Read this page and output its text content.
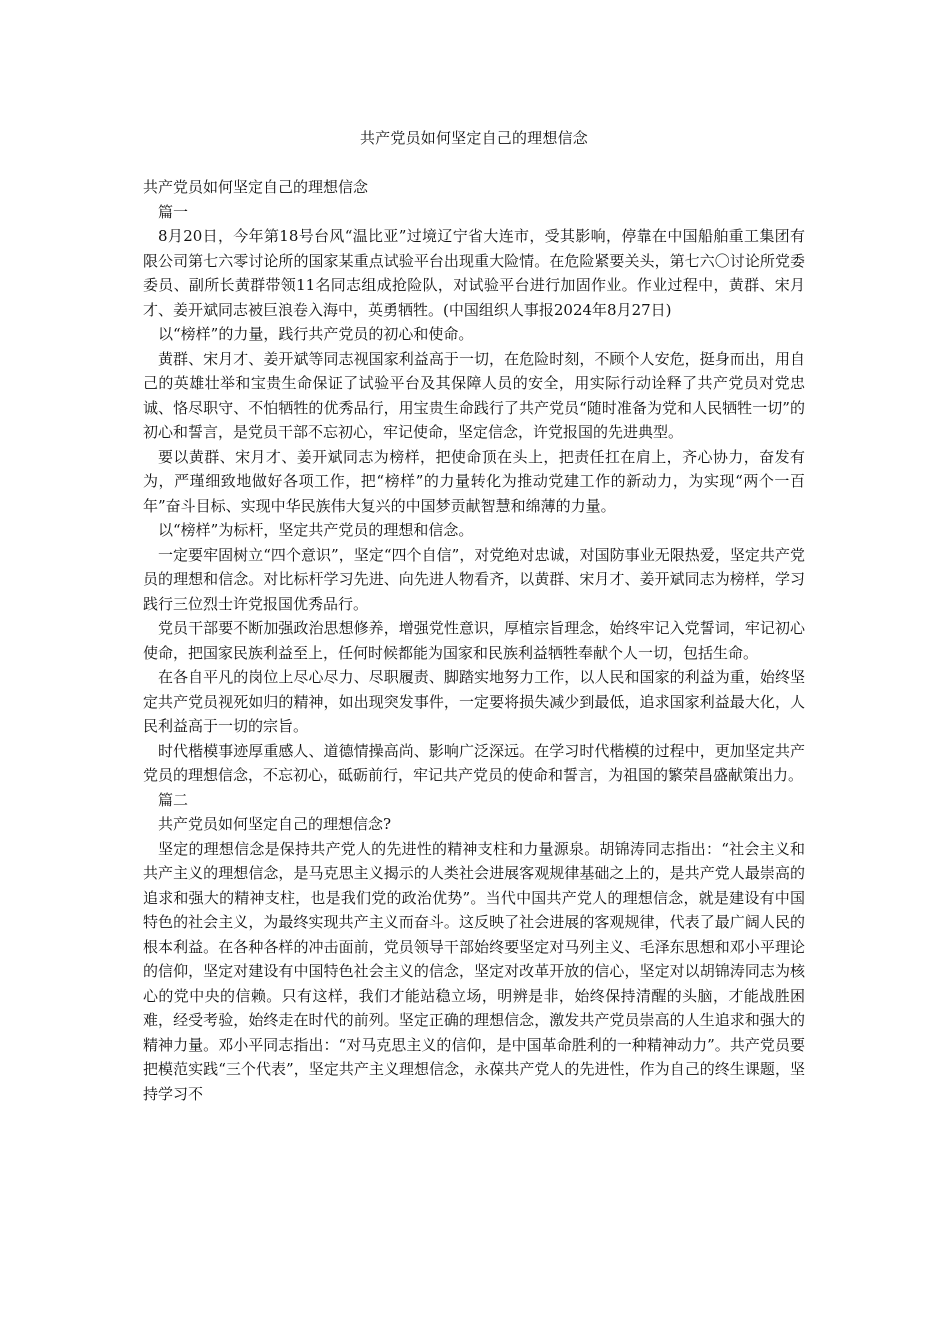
共产党员如何坚定自己的理想信念

共产党员如何坚定自己的理想信念

篇一

8月20日，今年第18号台风“温比亚”过境辽宁省大连市，受其影响，停靠在中国船舶重工集团有限公司第七六零讨论所的国家某重点试验平台出现重大险情。在危险紧要关头，第七六〇讨论所党委委员、副所长黄群带领11名同志组成抢险队，对试验平台进行加固作业。作业过程中，黄群、宋月才、姜开斌同志被巨浪卷入海中，英勇牺牲。(中国组织人事报2024年8月27日)

以“榜样”的力量，践行共产党员的初心和使命。

黄群、宋月才、姜开斌等同志视国家利益高于一切，在危险时刻，不顾个人安危，挺身而出，用自己的英雄壮举和宝贵生命保证了试验平台及其保障人员的安全，用实际行动诠释了共产党员对党忠诚、恪尽职守、不怕牺牲的优秀品行，用宝贵生命践行了共产党员“随时准备为党和人民牺牲一切”的初心和誓言，是党员干部不忘初心，牢记使命，坚定信念，许党报国的先进典型。

要以黄群、宋月才、姜开斌同志为榜样，把使命顶在头上，把责任扛在肩上，齐心协力，奋发有为，严瑾细致地做好各项工作，把“榜样”的力量转化为推动党建工作的新动力，为实现“两个一百年”奋斗目标、实现中华民族伟大复兴的中国梦贡献智慧和绵薄的力量。

以“榜样”为标杆，坚定共产党员的理想和信念。

一定要牢固树立“四个意识”，坚定“四个自信”，对党绝对忠诚，对国防事业无限热爱，坚定共产党员的理想和信念。对比标杆学习先进、向先进人物看齐，以黄群、宋月才、姜开斌同志为榜样，学习践行三位烈士许党报国优秀品行。

党员干部要不断加强政治思想修养，增强党性意识，厚植宗旨理念，始终牢记入党誓词，牢记初心使命，把国家民族利益至上，任何时候都能为国家和民族利益牺牲奉献个人一切，包括生命。

在各自平凡的岗位上尽心尽力、尽职履责、脚踏实地努力工作，以人民和国家的利益为重，始终坚定共产党员视死如归的精神，如出现突发事件，一定要将损失减少到最低，追求国家利益最大化，人民利益高于一切的宗旨。

时代楷模事迹厚重感人、道德情操高尚、影响广泛深远。在学习时代楷模的过程中，更加坚定共产党员的理想信念，不忘初心，砥砺前行，牢记共产党员的使命和誓言，为祖国的繁荣昌盛献策出力。

篇二

共产党员如何坚定自己的理想信念?

坚定的理想信念是保持共产党人的先进性的精神支柱和力量源泉。胡锦涛同志指出：“社会主义和共产主义的理想信念，是马克思主义揭示的人类社会进展客观规律基础之上的，是共产党人最崇高的追求和强大的精神支柱，也是我们党的政治优势”。当代中国共产党人的理想信念，就是建设有中国特色的社会主义，为最终实现共产主义而奋斗。这反映了社会进展的客观规律，代表了最广阔人民的根本利益。在各种各样的冲击面前，党员领导干部始终要坚定对马列主义、毛泽东思想和邓小平理论的信仰，坚定对建设有中国特色社会主义的信念，坚定对改革开放的信心，坚定对以胡锦涛同志为核心的党中央的信赖。只有这样，我们才能站稳立场，明辨是非，始终保持清醒的头脑，才能战胜困难，经受考验，始终走在时代的前列。坚定正确的理想信念，激发共产党员崇高的人生追求和强大的精神力量。邓小平同志指出：“对马克思主义的信仰，是中国革命胜利的一种精神动力”。共产党员要把模范实践“三个代表”，坚定共产主义理想信念，永葆共产党人的先进性，作为自己的终生课题，坚持学习不
